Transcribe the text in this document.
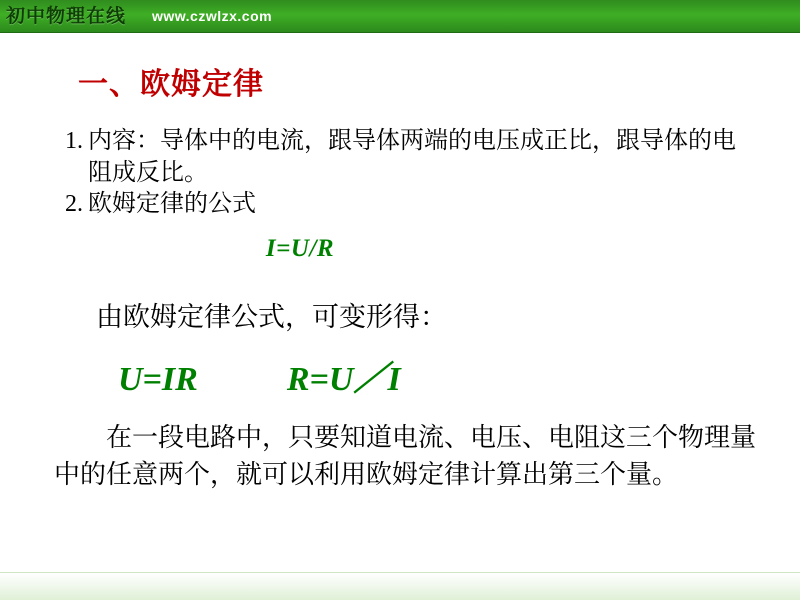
初中物理在线 www.czwlzx.com
一、欧姆定律
1. 内容：导体中的电流，跟导体两端的电压成正比，跟导体的电阻成反比。
2. 欧姆定律的公式
I=U/R
由欧姆定律公式，可变形得：
U=IR	R=U／I
在一段电路中，只要知道电流、电压、电阻这三个物理量中的任意两个，就可以利用欧姆定律计算出第三个量。
